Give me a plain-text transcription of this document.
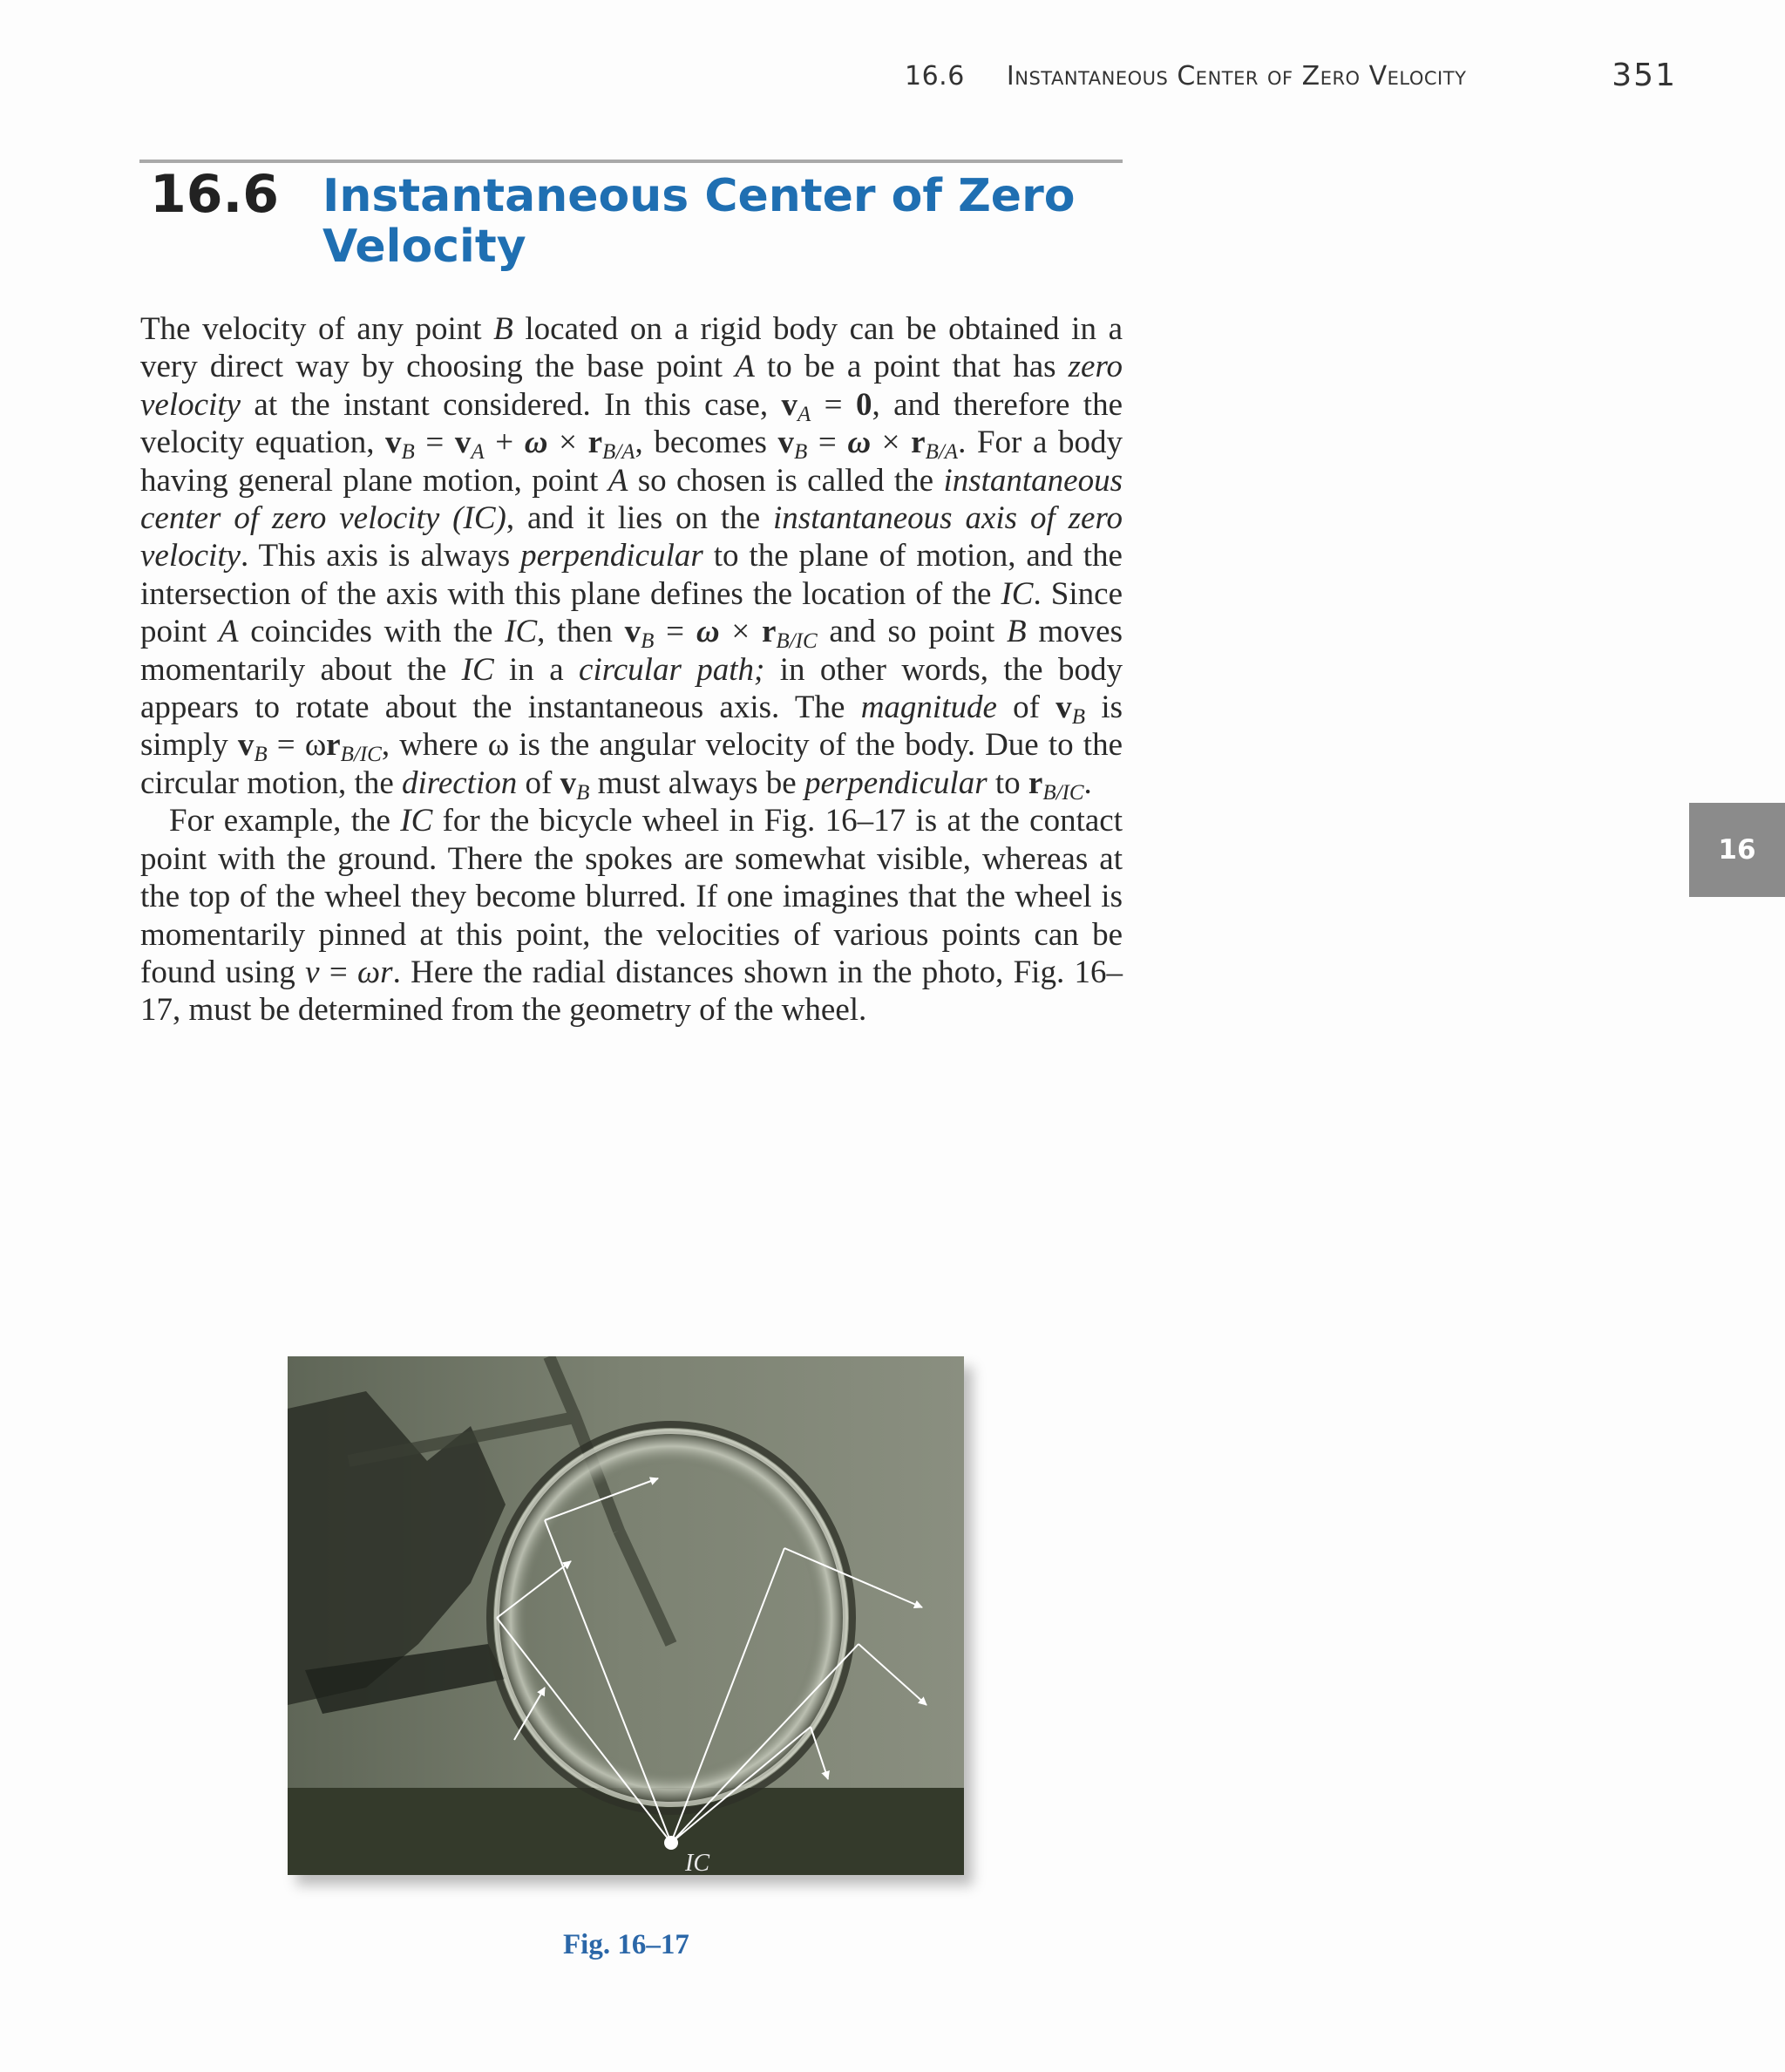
16.6 Instantaneous Center of Zero Velocity	351
16.6 Instantaneous Center of Zero
Velocity

The velocity of any point B located on a rigid body can be obtained in a very direct way by choosing the base point A to be a point that has zero velocity at the instant considered. In this case, $v_A = 0$, and therefore the velocity equation, $v_B = v_A + \omega \times r_{B/A}$, becomes $v_B = \omega \times r_{B/A}$. For a body having general plane motion, point A so chosen is called the instantaneous center of zero velocity (IC), and it lies on the instantaneous axis of zero velocity. This axis is always perpendicular to the plane of motion, and the intersection of the axis with this plane defines the location of the IC. Since point A coincides with the IC, then $v_B = \omega \times r_{B/IC}$ and so point B moves momentarily about the IC in a circular path; in other words, the body appears to rotate about the instantaneous axis. The magnitude of $v_B$ is simply $v_B = \omega r_{B/IC}$, where ω is the angular velocity of the body. Due to the circular motion, the direction of $v_B$ must always be perpendicular to $r_{B/IC}$.

For example, the IC for the bicycle wheel in Fig. 16–17 is at the contact point with the ground. There the spokes are somewhat visible, whereas at the top of the wheel they become blurred. If one imagines that the wheel is momentarily pinned at this point, the velocities of various points can be found using v = ωr. Here the radial distances shown in the photo, Fig. 16–17, must be determined from the geometry of the wheel.

16
IC
Fig. 16–17
